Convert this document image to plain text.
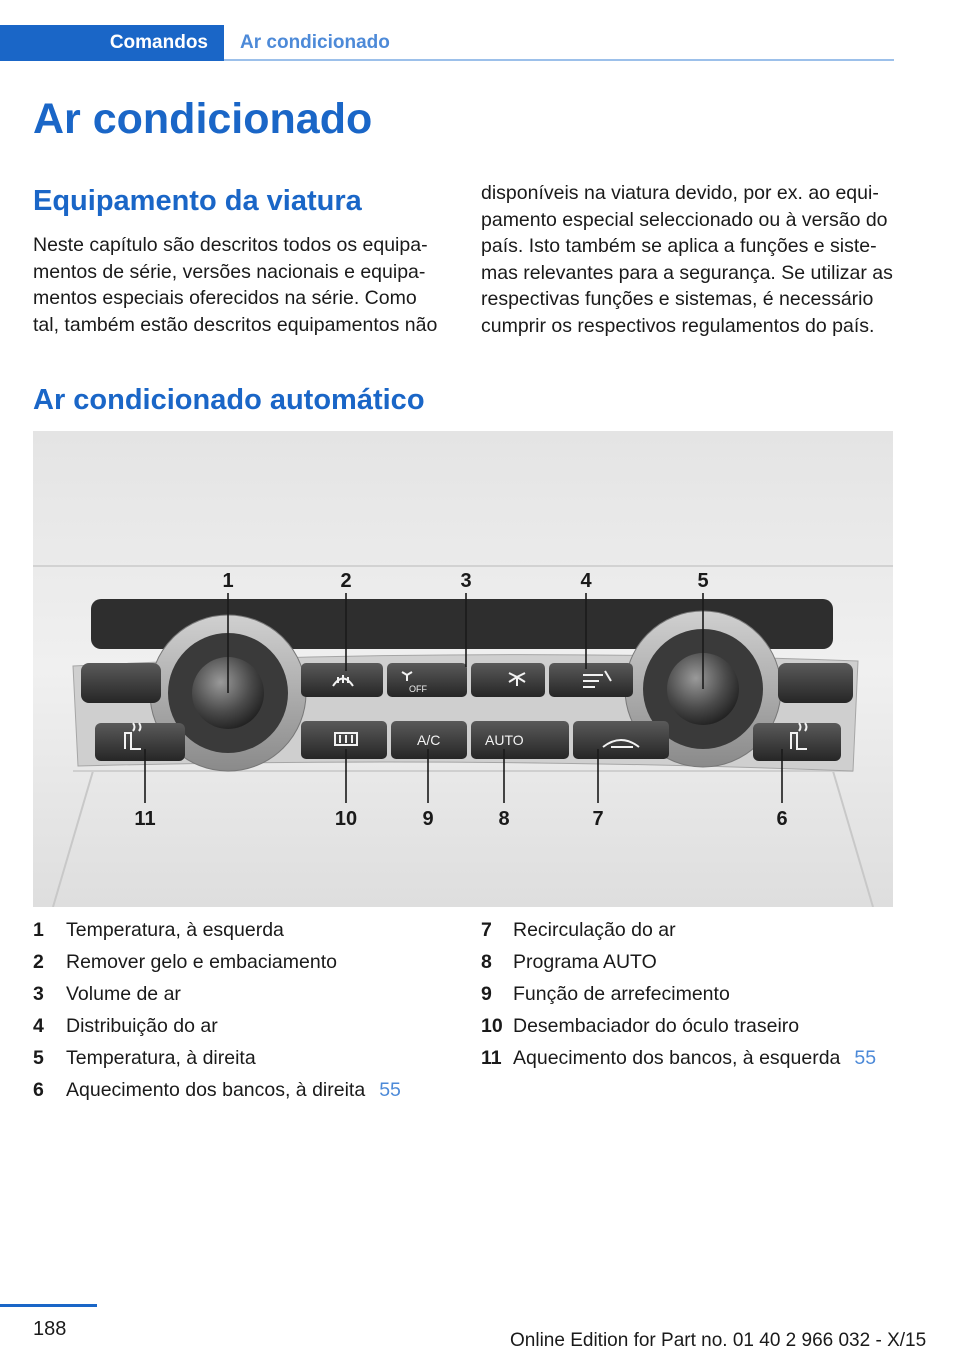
Comandos Ar condicionado
Ar condicionado
Equipamento da viatura
Neste capítulo são descritos todos os equipa-
mentos de série, versões nacionais e equipa-
mentos especiais oferecidos na série. Como
tal, também estão descritos equipamentos não
disponíveis na viatura devido, por ex. ao equi-
pamento especial seleccionado ou à versão do
país. Isto também se aplica a funções e siste-
mas relevantes para a segurança. Se utilizar as
respectivas funções e sistemas, é necessário
cumprir os respectivos regulamentos do país.
Ar condicionado automático
OFF
A/C	AUTO
1	2	3	4	5
11	10	9	8	7	6
1	Temperatura, à esquerda
2	Remover gelo e embaciamento
3	Volume de ar
4	Distribuição do ar
5	Temperatura, à direita
6	Aquecimento dos bancos, à direita 55
7	Recirculação do ar
8	Programa AUTO
9	Função de arrefecimento
10 Desembaciador do óculo traseiro
11 Aquecimento dos bancos, à esquerda 55
188
Online Edition for Part no. 01 40 2 966 032 - X/15
